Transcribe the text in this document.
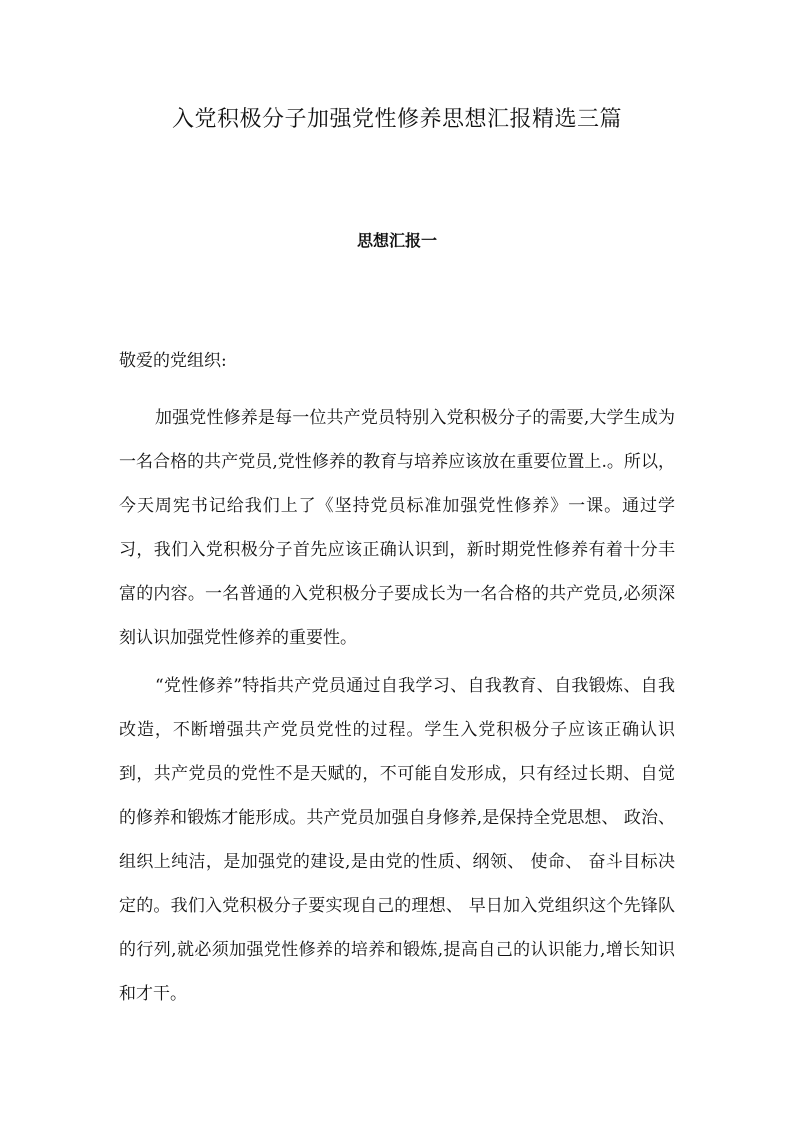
入党积极分子加强党性修养思想汇报精选三篇
思想汇报一

敬爱的党组织:

加强党性修养是每一位共产党员特别入党积极分子的需要,大学生成为一名合格的共产党员,党性修养的教育与培养应该放在重要位置上.。所以，今天周宪书记给我们上了《坚持党员标准加强党性修养》一课。通过学习，我们入党积极分子首先应该正确认识到，新时期党性修养有着十分丰富的内容。一名普通的入党积极分子要成长为一名合格的共产党员,必须深刻认识加强党性修养的重要性。

“党性修养”特指共产党员通过自我学习、自我教育、自我锻炼、自我改造，不断增强共产党员党性的过程。学生入党积极分子应该正确认识到，共产党员的党性不是天赋的，不可能自发形成，只有经过长期、自觉的修养和锻炼才能形成。共产党员加强自身修养,是保持全党思想、 政治、 组织上纯洁，是加强党的建设,是由党的性质、纲领、 使命、 奋斗目标决定的。我们入党积极分子要实现自己的理想、 早日加入党组织这个先锋队的行列,就必须加强党性修养的培养和锻炼,提高自己的认识能力,增长知识和才干。
